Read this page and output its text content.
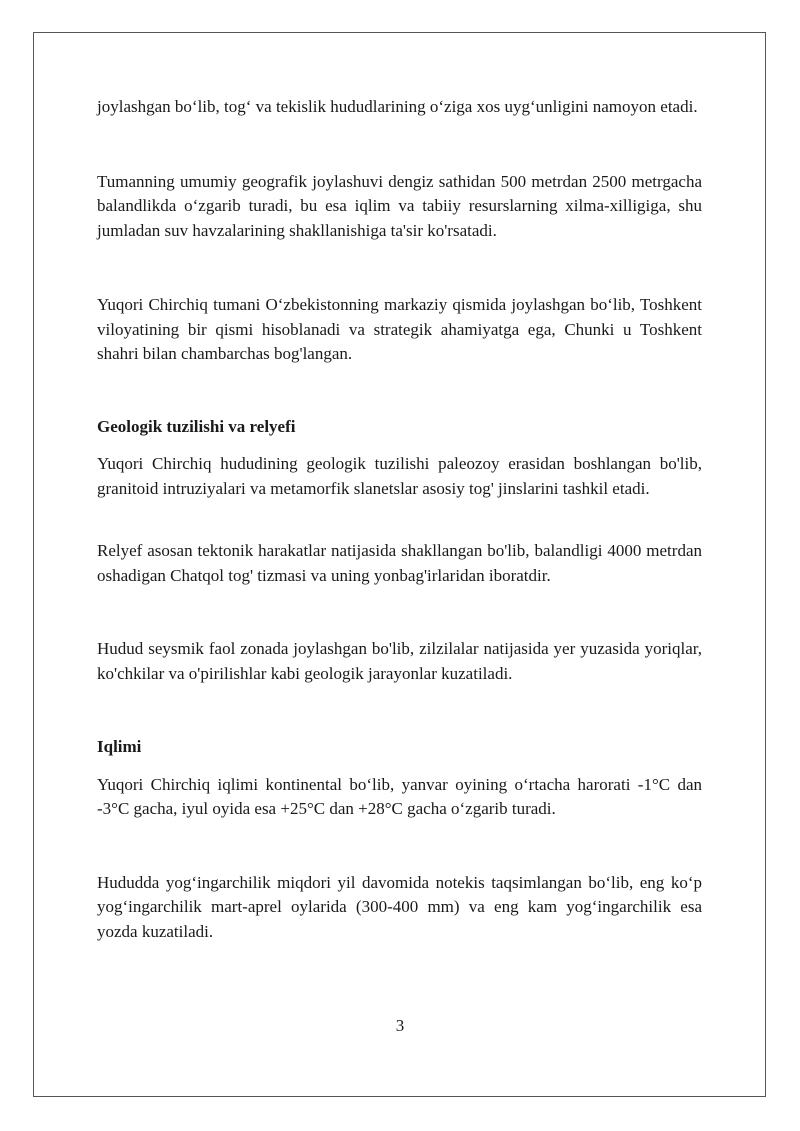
joylashgan bo‘lib, tog‘ va tekislik hududlarining o‘ziga xos uyg‘unligini namoyon etadi.

Tumanning umumiy geografik joylashuvi dengiz sathidan 500 metrdan 2500 metrgacha balandlikda o‘zgarib turadi, bu esa iqlim va tabiiy resurslarning xilma-xilligiga, shu jumladan suv havzalarining shakllanishiga ta'sir ko'rsatadi.

Yuqori Chirchiq tumani O‘zbekistonning markaziy qismida joylashgan bo‘lib, Toshkent viloyatining bir qismi hisoblanadi va strategik ahamiyatga ega, Chunki u Toshkent shahri bilan chambarchas bog'langan.

Geologik tuzilishi va relyefi

Yuqori Chirchiq hududining geologik tuzilishi paleozoy erasidan boshlangan bo'lib, granitoid intruziyalari va metamorfik slanetslar asosiy tog' jinslarini tashkil etadi.

Relyef asosan tektonik harakatlar natijasida shakllangan bo'lib, balandligi 4000 metrdan oshadigan Chatqol tog' tizmasi va uning yonbag'irlaridan iboratdir.

Hudud seysmik faol zonada joylashgan bo'lib, zilzilalar natijasida yer yuzasida yoriqlar, ko'chkilar va o'pirilishlar kabi geologik jarayonlar kuzatiladi.

Iqlimi

Yuqori Chirchiq iqlimi kontinental bo‘lib, yanvar oyining o‘rtacha harorati -1°C dan -3°C gacha, iyul oyida esa +25°C dan +28°C gacha o‘zgarib turadi.

Hududda yog‘ingarchilik miqdori yil davomida notekis taqsimlangan bo‘lib, eng ko‘p yog‘ingarchilik mart-aprel oylarida (300-400 mm) va eng kam yog‘ingarchilik esa yozda kuzatiladi.

3
